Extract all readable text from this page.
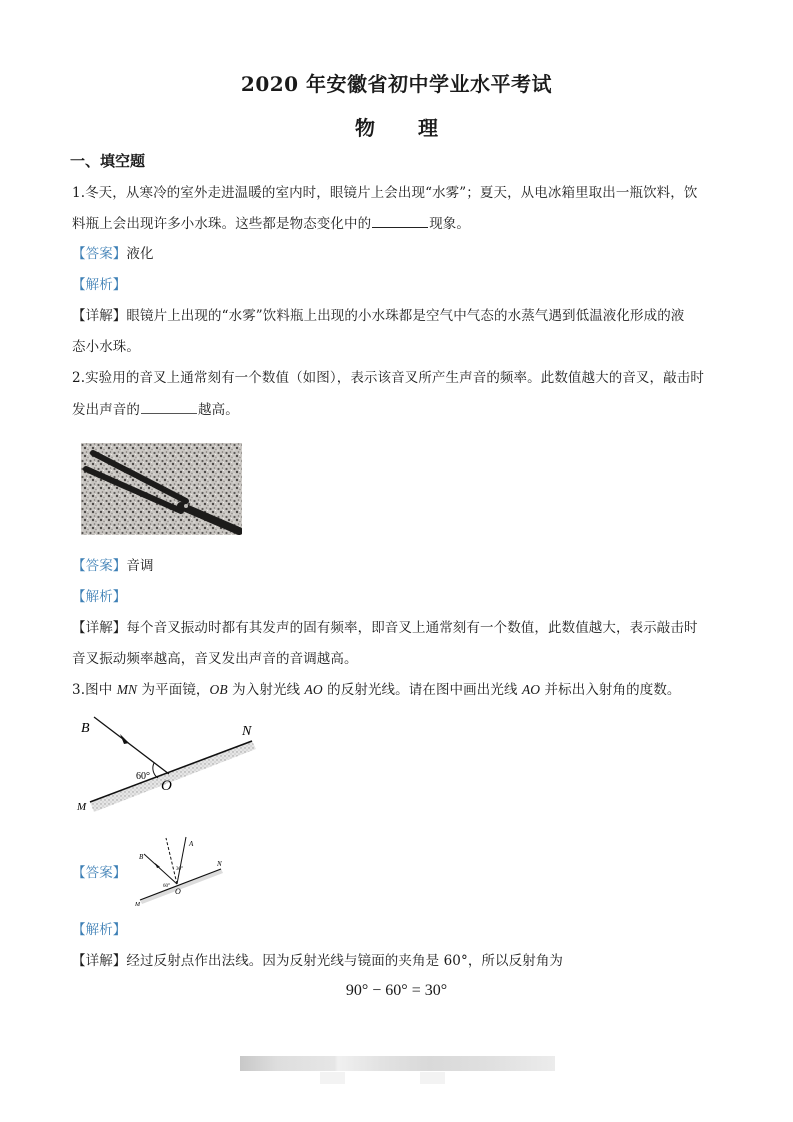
2020 年安徽省初中学业水平考试
物 理
一、填空题
1.冬天，从寒冷的室外走进温暖的室内时，眼镜片上会出现“水雾”；夏天，从电冰箱里取出一瓶饮料，饮
料瓶上会出现许多小水珠。这些都是物态变化中的	现象。
【答案】液化
【解析】
【详解】眼镜片上出现的“水雾”饮料瓶上出现的小水珠都是空气中气态的水蒸气遇到低温液化形成的液
态小水珠。
2.实验用的音叉上通常刻有一个数值（如图），表示该音叉所产生声音的频率。此数值越大的音叉，敲击时
发出声音的	越高。
【答案】音调
【解析】
【详解】每个音叉振动时都有其发声的固有频率，即音叉上通常刻有一个数值，此数值越大，表示敲击时
音叉振动频率越高，音叉发出声音的音调越高。
3.图中 MN 为平面镜，OB 为入射光线 AO 的反射光线。请在图中画出光线 AO 并标出入射角的度数。
B	N
M
O
60°
【答案】
B
A
N
M
O
60°
30°
【解析】
【详解】经过反射点作出法线。因为反射光线与镜面的夹角是 60°，所以反射角为
90° − 60° = 30°
